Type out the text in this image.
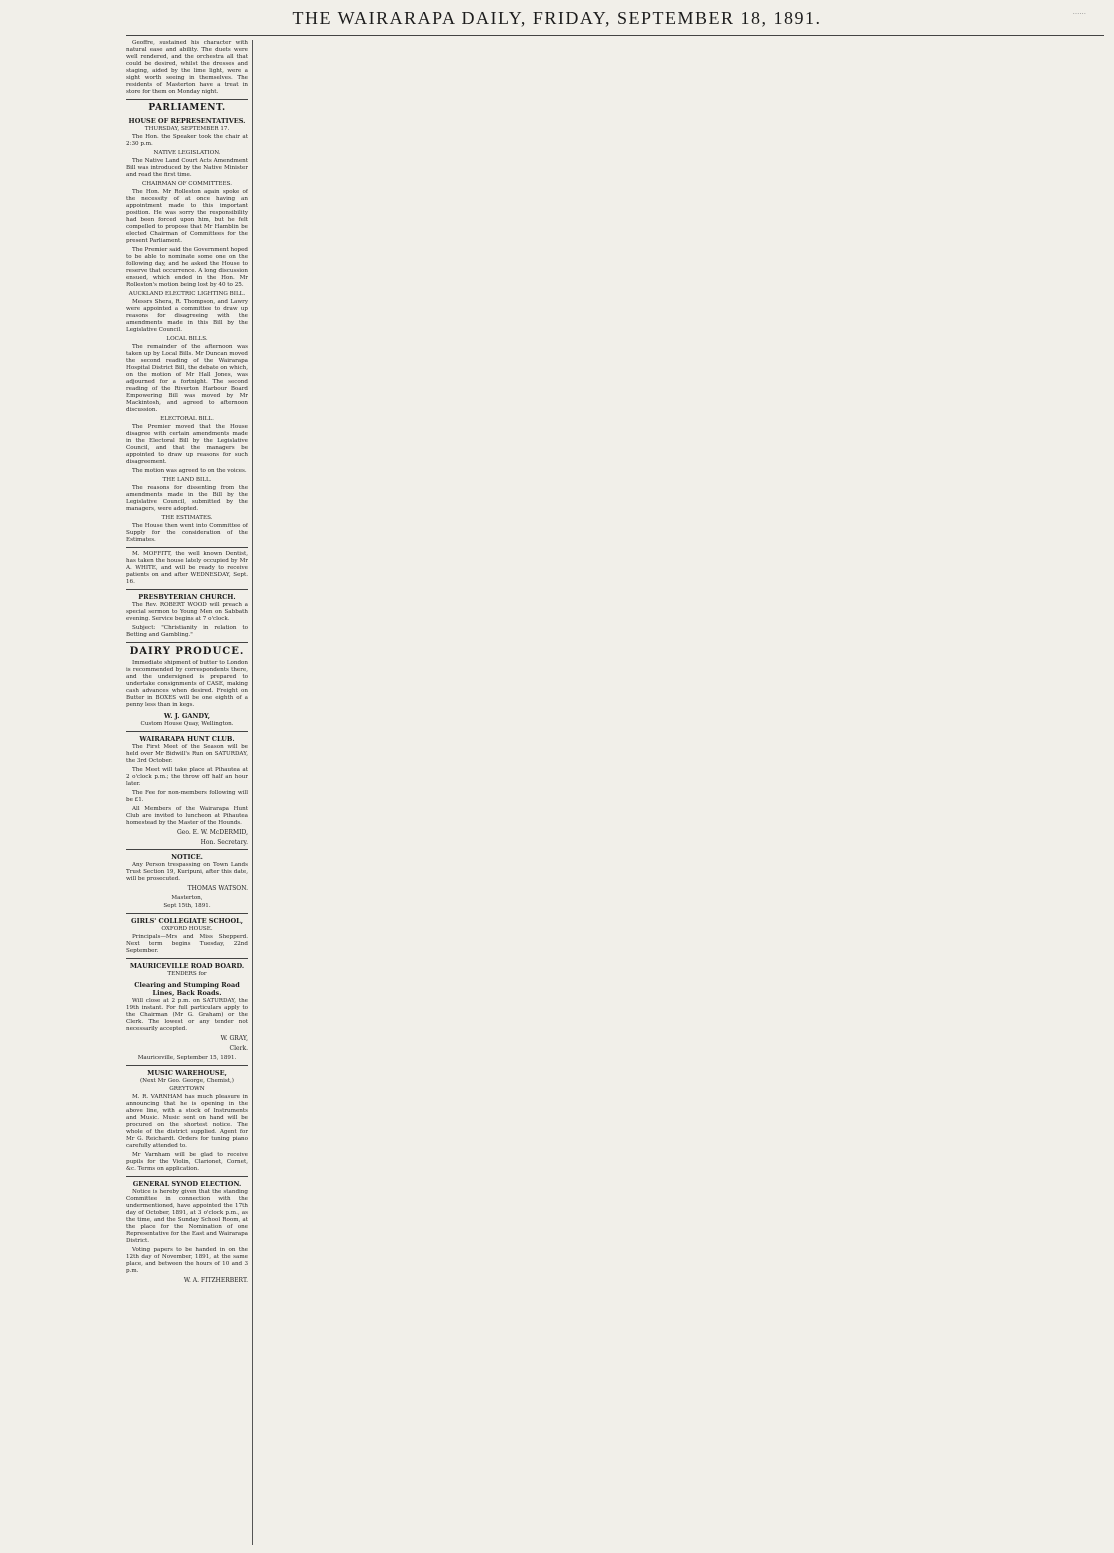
THE WAIRARAPA DAILY, FRIDAY, SEPTEMBER 18, 1891.	......

Geoffre, sustained his character with natural ease and ability. The duets were well rendered, and the orchestra all that could be desired, whilst the dresses and staging, aided by the lime light, were a sight worth seeing in themselves. The residents of Masterton have a treat in store for them on Monday night.

PARLIAMENT.
HOUSE OF REPRESENTATIVES.
THURSDAY, SEPTEMBER 17.

The Hon. the Speaker took the chair at 2:30 p.m.

NATIVE LEGISLATION.

The Native Land Court Acts Amendment Bill was introduced by the Native Minister and read the first time.

CHAIRMAN OF COMMITTEES.

The Hon. Mr Rolleston again spoke of the necessity of at once having an appointment made to this important position. He was sorry the responsibility had been forced upon him, but he felt compelled to propose that Mr Hamblin be elected Chairman of Committees for the present Parliament.

The Premier said the Government hoped to be able to nominate some one on the following day, and he asked the House to reserve that occurrence. A long discussion ensued, which ended in the Hon. Mr Rolleston's motion being lost by 40 to 25.

AUCKLAND ELECTRIC LIGHTING BILL.

Messrs Shera, R. Thompson, and Lawry were appointed a committee to draw up reasons for disagreeing with the amendments made in this Bill by the Legislative Council.

LOCAL BILLS.

The remainder of the afternoon was taken up by Local Bills. Mr Duncan moved the second reading of the Wairarapa Hospital District Bill, the debate on which, on the motion of Mr Hall Jones, was adjourned for a fortnight. The second reading of the Riverton Harbour Board Empowering Bill was moved by Mr Mackintosh, and agreed to afternoon discussion.

ELECTORAL BILL.

The Premier moved that the House disagree with certain amendments made in the Electoral Bill by the Legislative Council, and that the managers be appointed to draw up reasons for such disagreement.

The motion was agreed to on the voices.

THE LAND BILL.

The reasons for dissenting from the amendments made in the Bill by the Legislative Council, submitted by the managers, were adopted.

THE ESTIMATES.

The House then went into Committee of Supply for the consideration of the Estimates.

M. MOFFITT, the well known Dentist, has taken the house lately occupied by Mr A. WHITE, and will be ready to receive patients on and after WEDNESDAY, Sept. 16.

PRESBYTERIAN CHURCH.

The Rev. ROBERT WOOD will preach a special sermon to Young Men on Sabbath evening. Service begins at 7 o'clock.

Subject: "Christianity in relation to Betting and Gambling."

DAIRY PRODUCE.

Immediate shipment of butter to London is recommended by correspondents there, and the undersigned is prepared to undertake consignments of CASE, making cash advances when desired. Freight on Butter in BOXES will be one eighth of a penny less than in kegs.

W. J. GANDY,
Custom House Quay, Wellington.
WAIRARAPA HUNT CLUB.

The First Meet of the Season will be held over Mr Bidwill's Run on SATURDAY, the 3rd October.

The Meet will take place at Pihautea at 2 o'clock p.m.; the throw off half an hour later.

The Fee for non-members following will be £1.

All Members of the Wairarapa Hunt Club are invited to luncheon at Pihautea homestead by the Master of the Hounds.

Geo. E. W. McDERMID,
Hon. Secretary.
NOTICE.

Any Person trespassing on Town Lands Trust Section 19, Kuripuni, after this date, will be prosecuted.

THOMAS WATSON.
Masterton,
Sept 15th, 1891.
GIRLS' COLLEGIATE SCHOOL,
OXFORD HOUSE.

Principals—Mrs and Miss Shepperd. Next term begins Tuesday, 22nd September.

MAURICEVILLE ROAD BOARD.
TENDERS for
Clearing and Stumping Road Lines, Back Roads.

Will close at 2 p.m. on SATURDAY, the 19th instant. For full particulars apply to the Chairman (Mr G. Graham) or the Clerk. The lowest or any tender not necessarily accepted.

W. GRAY,
Clerk.
Mauriceville, September 15, 1891.
MUSIC WAREHOUSE,
(Next Mr Geo. George, Chemist,)
GREYTOWN

M. R. VARNHAM has much pleasure in announcing that he is opening in the above line, with a stock of Instruments and Music. Music sent on hand will be procured on the shortest notice. The whole of the district supplied. Agent for Mr G. Reichardt. Orders for tuning piano carefully attended to.

Mr Varnham will be glad to receive pupils for the Violin, Clarionet, Cornet, &c. Terms on application.

GENERAL SYNOD ELECTION.

Notice is hereby given that the standing Committee in connection with the undermentioned, have appointed the 17th day of October, 1891, at 3 o'clock p.m., as the time, and the Sunday School Room, at the place for the Nomination of one Representative for the East and Wairarapa District.

Voting papers to be handed in on the 12th day of November, 1891, at the same place, and between the hours of 10 and 3 p.m.

W. A. FITZHERBERT.
